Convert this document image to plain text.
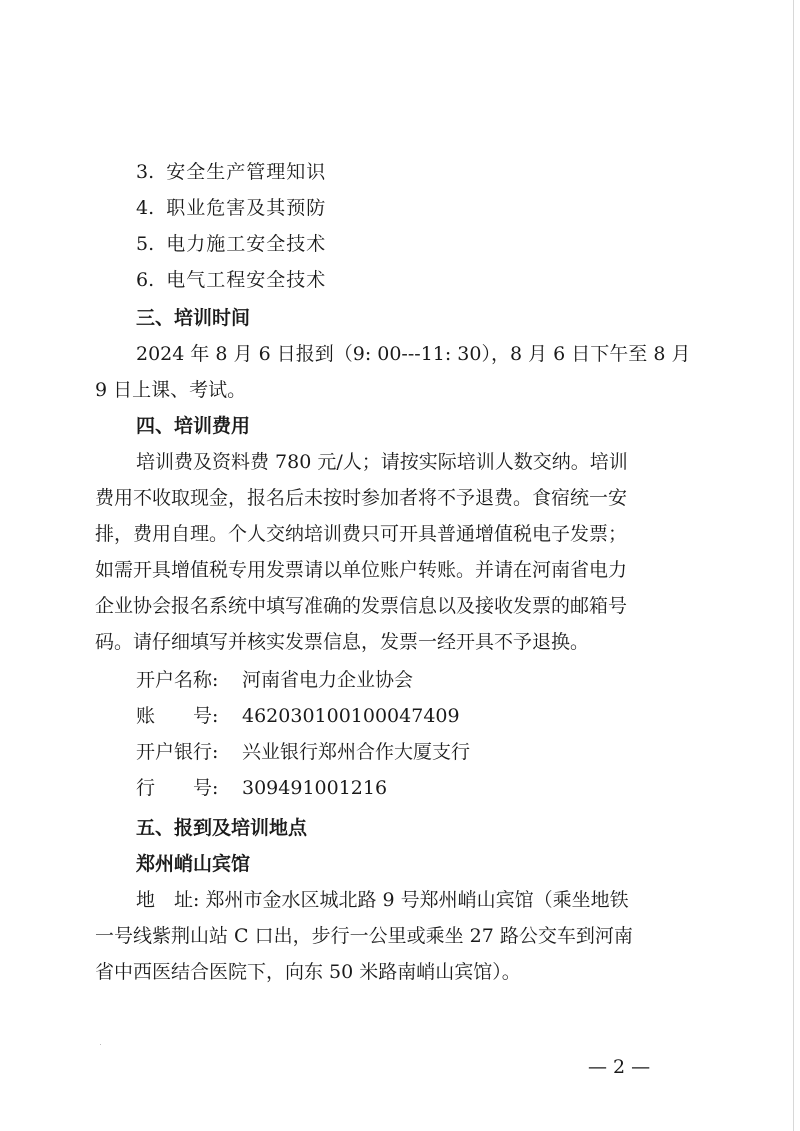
3. 安全生产管理知识
4. 职业危害及其预防
5. 电力施工安全技术
6. 电气工程安全技术
三、培训时间
2024 年 8 月 6 日报到（9: 00---11: 30），8 月 6 日下午至 8 月
9 日上课、考试。
四、培训费用
培训费及资料费 780 元/人；请按实际培训人数交纳。培训
费用不收取现金，报名后未按时参加者将不予退费。食宿统一安
排，费用自理。个人交纳培训费只可开具普通增值税电子发票；
如需开具增值税专用发票请以单位账户转账。并请在河南省电力
企业协会报名系统中填写准确的发票信息以及接收发票的邮箱号
码。请仔细填写并核实发票信息，发票一经开具不予退换。
开户名称: 河南省电力企业协会
账　　号: 462030100100047409
开户银行: 兴业银行郑州合作大厦支行
行　　号: 309491001216
五、报到及培训地点
郑州峭山宾馆
地　址: 郑州市金水区城北路 9 号郑州峭山宾馆（乘坐地铁
一号线紫荆山站 C 口出，步行一公里或乘坐 27 路公交车到河南
省中西医结合医院下，向东 50 米路南峭山宾馆）。
— 2 —
